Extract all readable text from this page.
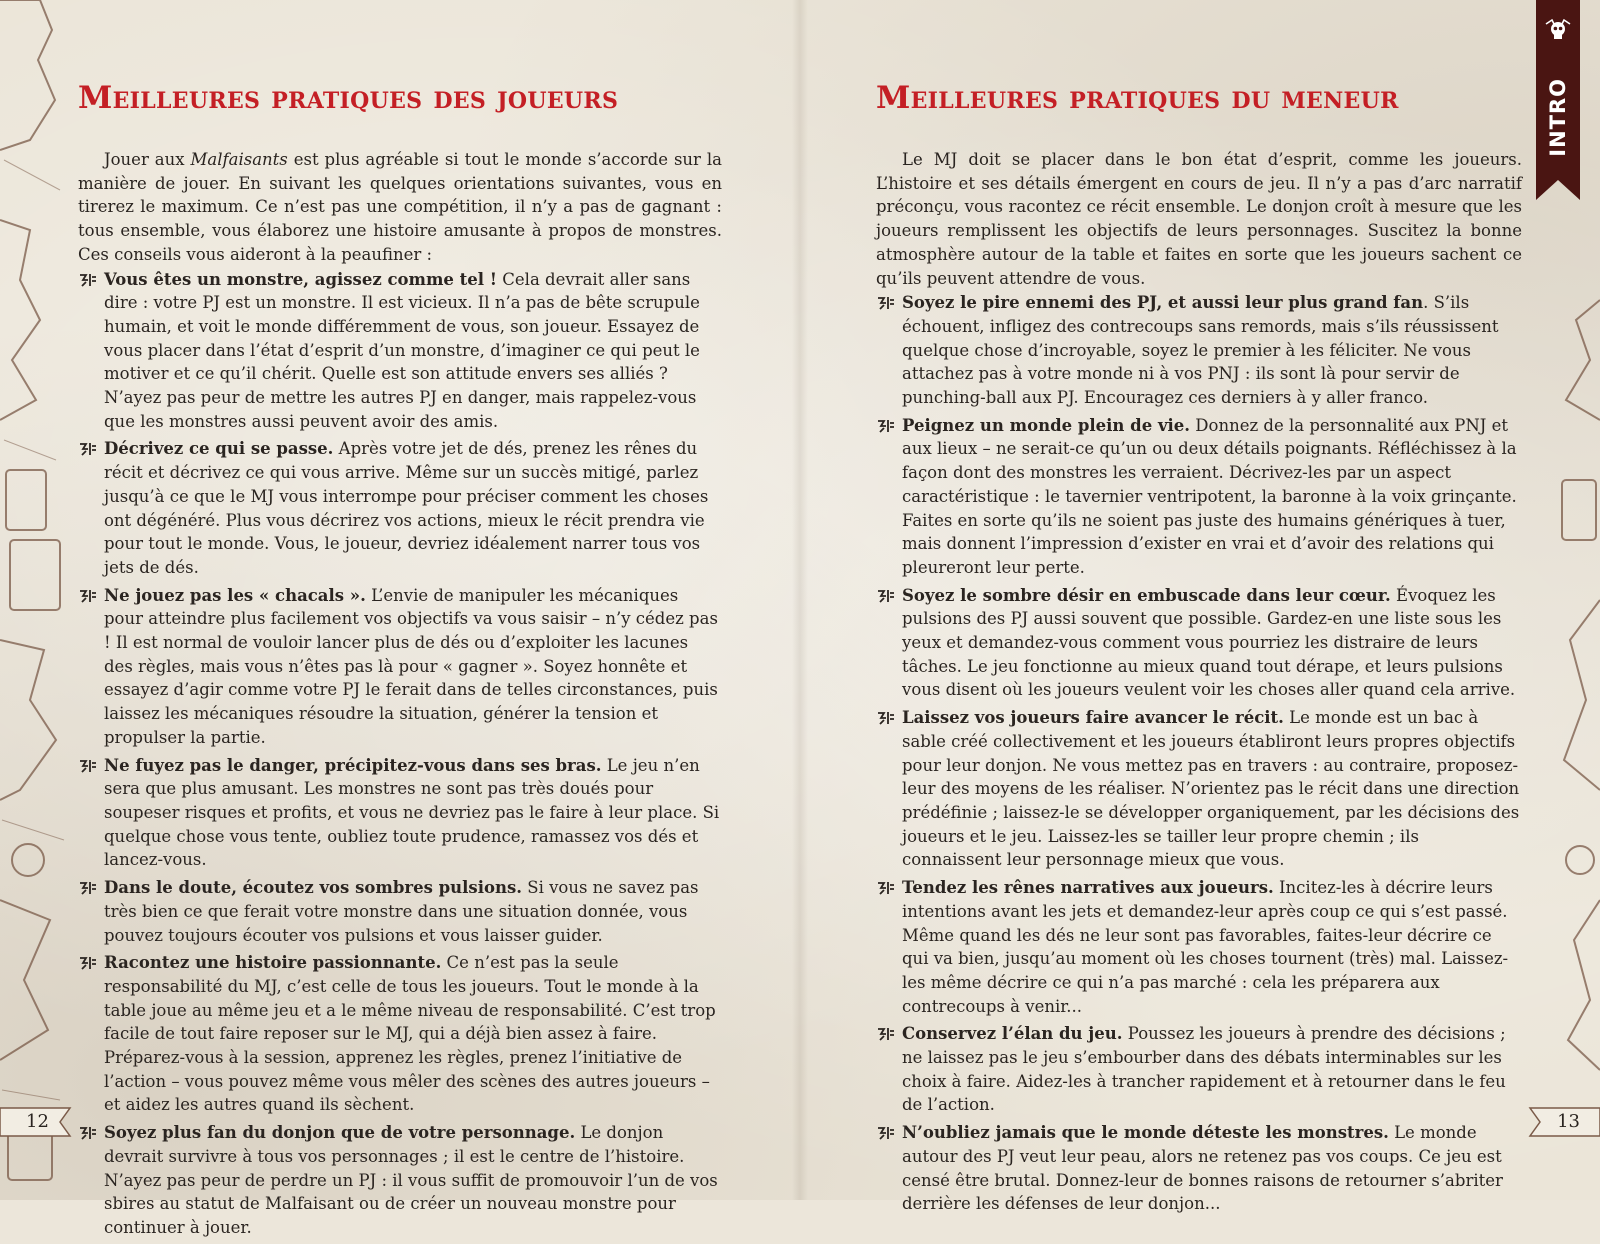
INTRO
Meilleures pratiques des joueurs

Jouer aux Malfaisants est plus agréable si tout le monde s’accorde sur la manière de jouer. En suivant les quelques orientations suivantes, vous en tirerez le maximum. Ce n’est pas une compétition, il n’y a pas de gagnant : tous ensemble, vous élaborez une histoire amusante à propos de monstres. Ces conseils vous aideront à la peaufiner :

Vous êtes un monstre, agissez comme tel ! Cela devrait aller sans dire : votre PJ est un monstre. Il est vicieux. Il n’a pas de bête scrupule humain, et voit le monde différemment de vous, son joueur. Essayez de vous placer dans l’état d’esprit d’un monstre, d’imaginer ce qui peut le motiver et ce qu’il chérit. Quelle est son attitude envers ses alliés ? N’ayez pas peur de mettre les autres PJ en danger, mais rappelez-vous que les monstres aussi peuvent avoir des amis.
Décrivez ce qui se passe. Après votre jet de dés, prenez les rênes du récit et décrivez ce qui vous arrive. Même sur un succès mitigé, parlez jusqu’à ce que le MJ vous interrompe pour préciser comment les choses ont dégénéré. Plus vous décrirez vos actions, mieux le récit prendra vie pour tout le monde. Vous, le joueur, devriez idéalement narrer tous vos jets de dés.
Ne jouez pas les « chacals ». L’envie de manipuler les mécaniques pour atteindre plus facilement vos objectifs va vous saisir – n’y cédez pas ! Il est normal de vouloir lancer plus de dés ou d’exploiter les lacunes des règles, mais vous n’êtes pas là pour « gagner ». Soyez honnête et essayez d’agir comme votre PJ le ferait dans de telles circonstances, puis laissez les mécaniques résoudre la situation, générer la tension et propulser la partie.
Ne fuyez pas le danger, précipitez-vous dans ses bras. Le jeu n’en sera que plus amusant. Les monstres ne sont pas très doués pour soupeser risques et profits, et vous ne devriez pas le faire à leur place. Si quelque chose vous tente, oubliez toute prudence, ramassez vos dés et lancez-vous.
Dans le doute, écoutez vos sombres pulsions. Si vous ne savez pas très bien ce que ferait votre monstre dans une situation donnée, vous pouvez toujours écouter vos pulsions et vous laisser guider.
Racontez une histoire passionnante. Ce n’est pas la seule responsabilité du MJ, c’est celle de tous les joueurs. Tout le monde à la table joue au même jeu et a le même niveau de responsabilité. C’est trop facile de tout faire reposer sur le MJ, qui a déjà bien assez à faire. Préparez-vous à la session, apprenez les règles, prenez l’initiative de l’action – vous pouvez même vous mêler des scènes des autres joueurs – et aidez les autres quand ils sèchent.
Soyez plus fan du donjon que de votre personnage. Le donjon devrait survivre à tous vos personnages ; il est le centre de l’histoire. N’ayez pas peur de perdre un PJ : il vous suffit de promouvoir l’un de vos sbires au statut de Malfaisant ou de créer un nouveau monstre pour continuer à jouer.
Meilleures pratiques du meneur

Le MJ doit se placer dans le bon état d’esprit, comme les joueurs. L’histoire et ses détails émergent en cours de jeu. Il n’y a pas d’arc narratif préconçu, vous racontez ce récit ensemble. Le donjon croît à mesure que les joueurs remplissent les objectifs de leurs personnages. Suscitez la bonne atmosphère autour de la table et faites en sorte que les joueurs sachent ce qu’ils peuvent attendre de vous.

Soyez le pire ennemi des PJ, et aussi leur plus grand fan. S’ils échouent, infligez des contrecoups sans remords, mais s’ils réussissent quelque chose d’incroyable, soyez le premier à les féliciter. Ne vous attachez pas à votre monde ni à vos PNJ : ils sont là pour servir de punching-ball aux PJ. Encouragez ces derniers à y aller franco.
Peignez un monde plein de vie. Donnez de la personnalité aux PNJ et aux lieux – ne serait-ce qu’un ou deux détails poignants. Réfléchissez à la façon dont des monstres les verraient. Décrivez-les par un aspect caractéristique : le tavernier ventripotent, la baronne à la voix grinçante. Faites en sorte qu’ils ne soient pas juste des humains génériques à tuer, mais donnent l’impression d’exister en vrai et d’avoir des relations qui pleureront leur perte.
Soyez le sombre désir en embuscade dans leur cœur. Évoquez les pulsions des PJ aussi souvent que possible. Gardez-en une liste sous les yeux et demandez-vous comment vous pourriez les distraire de leurs tâches. Le jeu fonctionne au mieux quand tout dérape, et leurs pulsions vous disent où les joueurs veulent voir les choses aller quand cela arrive.
Laissez vos joueurs faire avancer le récit. Le monde est un bac à sable créé collectivement et les joueurs établiront leurs propres objectifs pour leur donjon. Ne vous mettez pas en travers : au contraire, proposez-leur des moyens de les réaliser. N’orientez pas le récit dans une direction prédéfinie ; laissez-le se développer organiquement, par les décisions des joueurs et le jeu. Laissez-les se tailler leur propre chemin ; ils connaissent leur personnage mieux que vous.
Tendez les rênes narratives aux joueurs. Incitez-les à décrire leurs intentions avant les jets et demandez-leur après coup ce qui s’est passé. Même quand les dés ne leur sont pas favorables, faites-leur décrire ce qui va bien, jusqu’au moment où les choses tournent (très) mal. Laissez-les même décrire ce qui n’a pas marché : cela les préparera aux contrecoups à venir...
Conservez l’élan du jeu. Poussez les joueurs à prendre des décisions ; ne laissez pas le jeu s’embourber dans des débats interminables sur les choix à faire. Aidez-les à trancher rapidement et à retourner dans le feu de l’action.
N’oubliez jamais que le monde déteste les monstres. Le monde autour des PJ veut leur peau, alors ne retenez pas vos coups. Ce jeu est censé être brutal. Donnez-leur de bonnes raisons de retourner s’abriter derrière les défenses de leur donjon...
12	13
